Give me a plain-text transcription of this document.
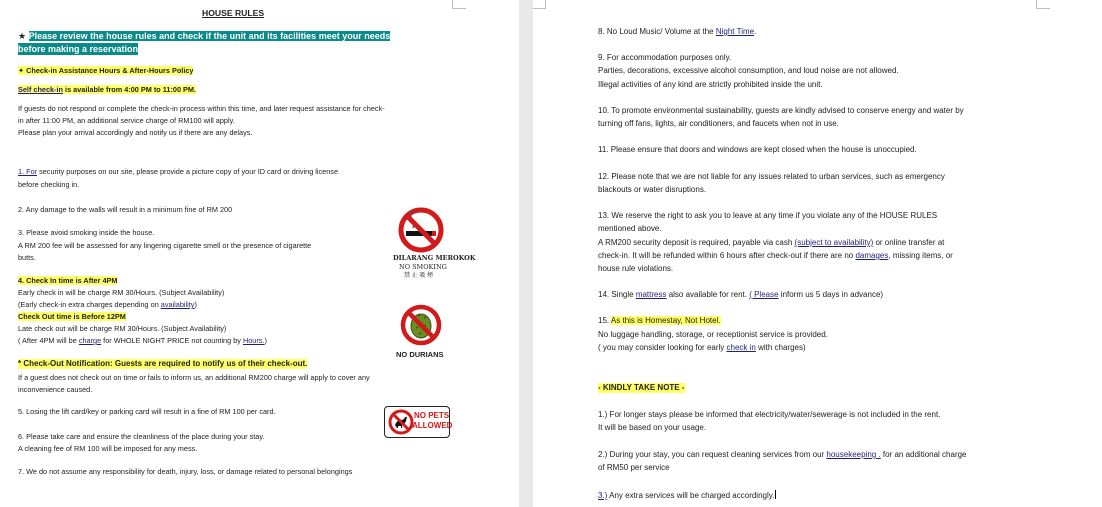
HOUSE RULES
★ Please review the house rules and check if the unit and its facilities meet your needs
before making a reservation
✦ Check-in Assistance Hours & After-Hours Policy
Self check-in is available from 4:00 PM to 11:00 PM.
If guests do not respond or complete the check-in process within this time, and later request assistance for check-
in after 11:00 PM, an additional service charge of RM100 will apply.
Please plan your arrival accordingly and notify us if there are any delays.
1. For security purposes on our site, please provide a picture copy of your ID card or driving license
before checking in.
2. Any damage to the walls will result in a minimum fine of RM 200
3. Please avoid smoking inside the house.
A RM 200 fee will be assessed for any lingering cigarette smell or the presence of cigarette
butts.
4. Check In time is After 4PM
Early check in will be charge RM 30/Hours. (Subject Availability)
(Early check-in extra charges depending on availability)
Check Out time is Before 12PM
Late check out will be charge RM 30/Hours. (Subject Availability)
( After 4PM will be charge for WHOLE NIGHT PRICE not counting by Hours.)
* Check-Out Notification: Guests are required to notify us of their check-out.
If a guest does not check out on time or fails to inform us, an additional RM200 charge will apply to cover any
inconvenience caused.
5. Losing the lift card/key or parking card will result in a fine of RM 100 per card.
6. Please take care and ensure the cleanliness of the place during your stay.
A cleaning fee of RM 100 will be imposed for any mess.
7. We do not assume any responsibility for death, injury, loss, or damage related to personal belongings
DILARANG MEROKOK
NO SMOKING
禁 止 吸 煙
NO DURIANS
NO PETS
ALLOWED
8. No Loud Music/ Volume at the Night Time.
9. For accommodation purposes only.
Parties, decorations, excessive alcohol consumption, and loud noise are not allowed.
Illegal activities of any kind are strictly prohibited inside the unit.
10. To promote environmental sustainability, guests are kindly advised to conserve energy and water by
turning off fans, lights, air conditioners, and faucets when not in use.
11. Please ensure that doors and windows are kept closed when the house is unoccupied.
12. Please note that we are not liable for any issues related to urban services, such as emergency
blackouts or water disruptions.
13. We reserve the right to ask you to leave at any time if you violate any of the HOUSE RULES
mentioned above.
A RM200 security deposit is required, payable via cash (subject to availability) or online transfer at
check-in. It will be refunded within 6 hours after check-out if there are no damages, missing items, or
house rule violations.
14. Single mattress also available for rent. ( Please inform us 5 days in advance)
15. As this is Homestay, Not Hotel.
No luggage handling, storage, or receptionist service is provided.
( you may consider looking for early check in with charges)
- KINDLY TAKE NOTE -
1.) For longer stays please be informed that electricity/water/sewerage is not included in the rent.
It will be based on your usage.
2.) During your stay, you can request cleaning services from our housekeeping . for an additional charge
of RM50 per service
3.) Any extra services will be charged accordingly.
